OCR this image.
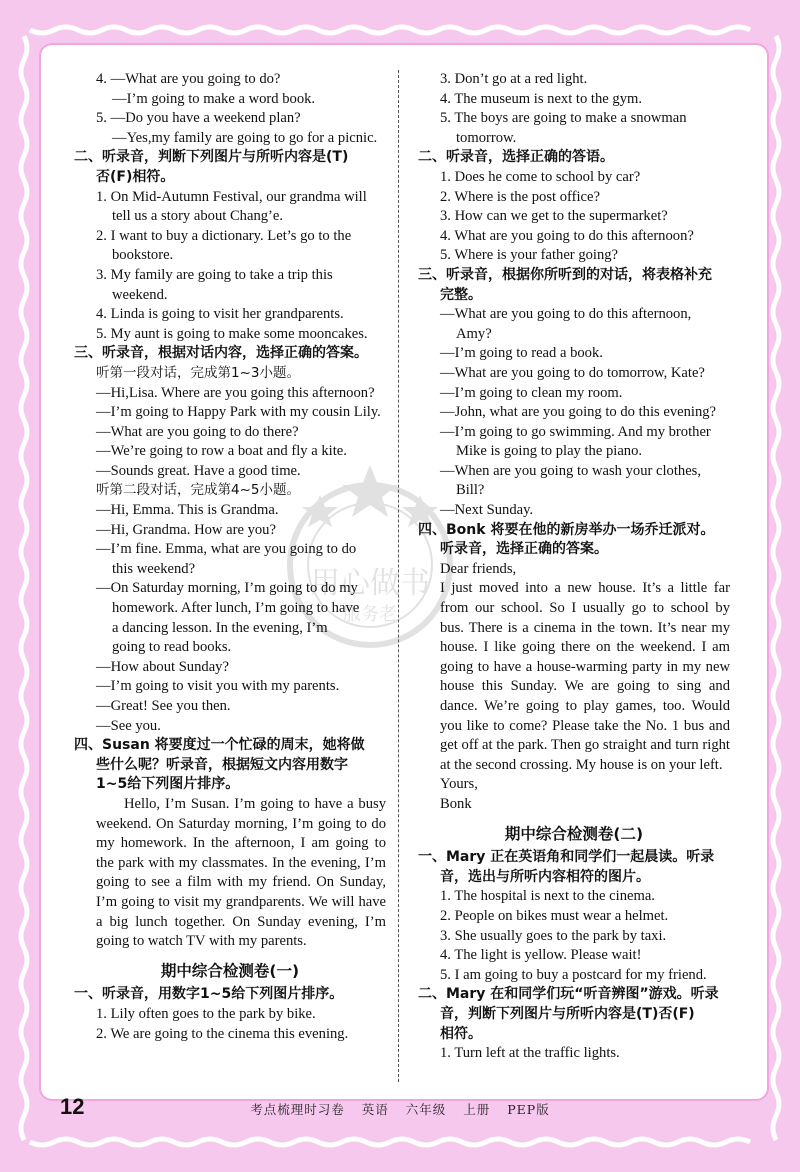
用心做书
服务老
4. —What are you going to do?
—I’m going to make a word book.
5. —Do you have a weekend plan?
—Yes,my family are going to go for a picnic.
二、听录音，判断下列图片与所听内容是(T)
否(F)相符。
1. On Mid-Autumn Festival, our grandma will
tell us a story about Chang’e.
2. I want to buy a dictionary. Let’s go to the
bookstore.
3. My family are going to take a trip this
weekend.
4. Linda is going to visit her grandparents.
5. My aunt is going to make some mooncakes.
三、听录音，根据对话内容，选择正确的答案。
听第一段对话，完成第1~3小题。
—Hi,Lisa. Where are you going this afternoon?
—I’m going to Happy Park with my cousin Lily.
—What are you going to do there?
—We’re going to row a boat and fly a kite.
—Sounds great. Have a good time.
听第二段对话，完成第4~5小题。
—Hi, Emma. This is Grandma.
—Hi, Grandma. How are you?
—I’m fine. Emma, what are you going to do
this weekend?
—On Saturday morning, I’m going to do my
homework. After lunch, I’m going to have
a dancing lesson. In the evening, I’m
going to read books.
—How about Sunday?
—I’m going to visit you with my parents.
—Great! See you then.
—See you.
四、Susan 将要度过一个忙碌的周末，她将做
些什么呢？听录音，根据短文内容用数字
1~5给下列图片排序。
Hello, I’m Susan. I’m going to have a busy weekend. On Saturday morning, I’m going to do my homework. In the afternoon, I am going to the park with my classmates. In the evening, I’m going to see a film with my friend. On Sunday, I’m going to visit my grandparents. We will have a big lunch together. On Sunday evening, I’m going to watch TV with my parents.
期中综合检测卷(一)
一、听录音，用数字1~5给下列图片排序。
1. Lily often goes to the park by bike.
2. We are going to the cinema this evening.
3. Don’t go at a red light.
4. The museum is next to the gym.
5. The boys are going to make a snowman
tomorrow.
二、听录音，选择正确的答语。
1. Does he come to school by car?
2. Where is the post office?
3. How can we get to the supermarket?
4. What are you going to do this afternoon?
5. Where is your father going?
三、听录音，根据你所听到的对话，将表格补充
完整。
—What are you going to do this afternoon,
Amy?
—I’m going to read a book.
—What are you going to do tomorrow, Kate?
—I’m going to clean my room.
—John, what are you going to do this evening?
—I’m going to go swimming. And my brother
Mike is going to play the piano.
—When are you going to wash your clothes,
Bill?
—Next Sunday.
四、Bonk 将要在他的新房举办一场乔迁派对。
听录音，选择正确的答案。
Dear friends,
I just moved into a new house. It’s a little far from our school. So I usually go to school by bus. There is a cinema in the town. It’s near my house. I like going there on the weekend. I am going to have a house-warming party in my new house this Sunday. We are going to sing and dance. We’re going to play games, too. Would you like to come? Please take the No. 1 bus and get off at the park. Then go straight and turn right at the second crossing. My house is on your left.
Yours,
Bonk
期中综合检测卷(二)
一、Mary 正在英语角和同学们一起晨读。听录
音，选出与所听内容相符的图片。
1. The hospital is next to the cinema.
2. People on bikes must wear a helmet.
3. She usually goes to the park by taxi.
4. The light is yellow. Please wait!
5. I am going to buy a postcard for my friend.
二、Mary 在和同学们玩“听音辨图”游戏。听录
音，判断下列图片与所听内容是(T)否(F)
相符。
1. Turn left at the traffic lights.
12	考点梳理时习卷 英语 六年级 上册 PEP版
